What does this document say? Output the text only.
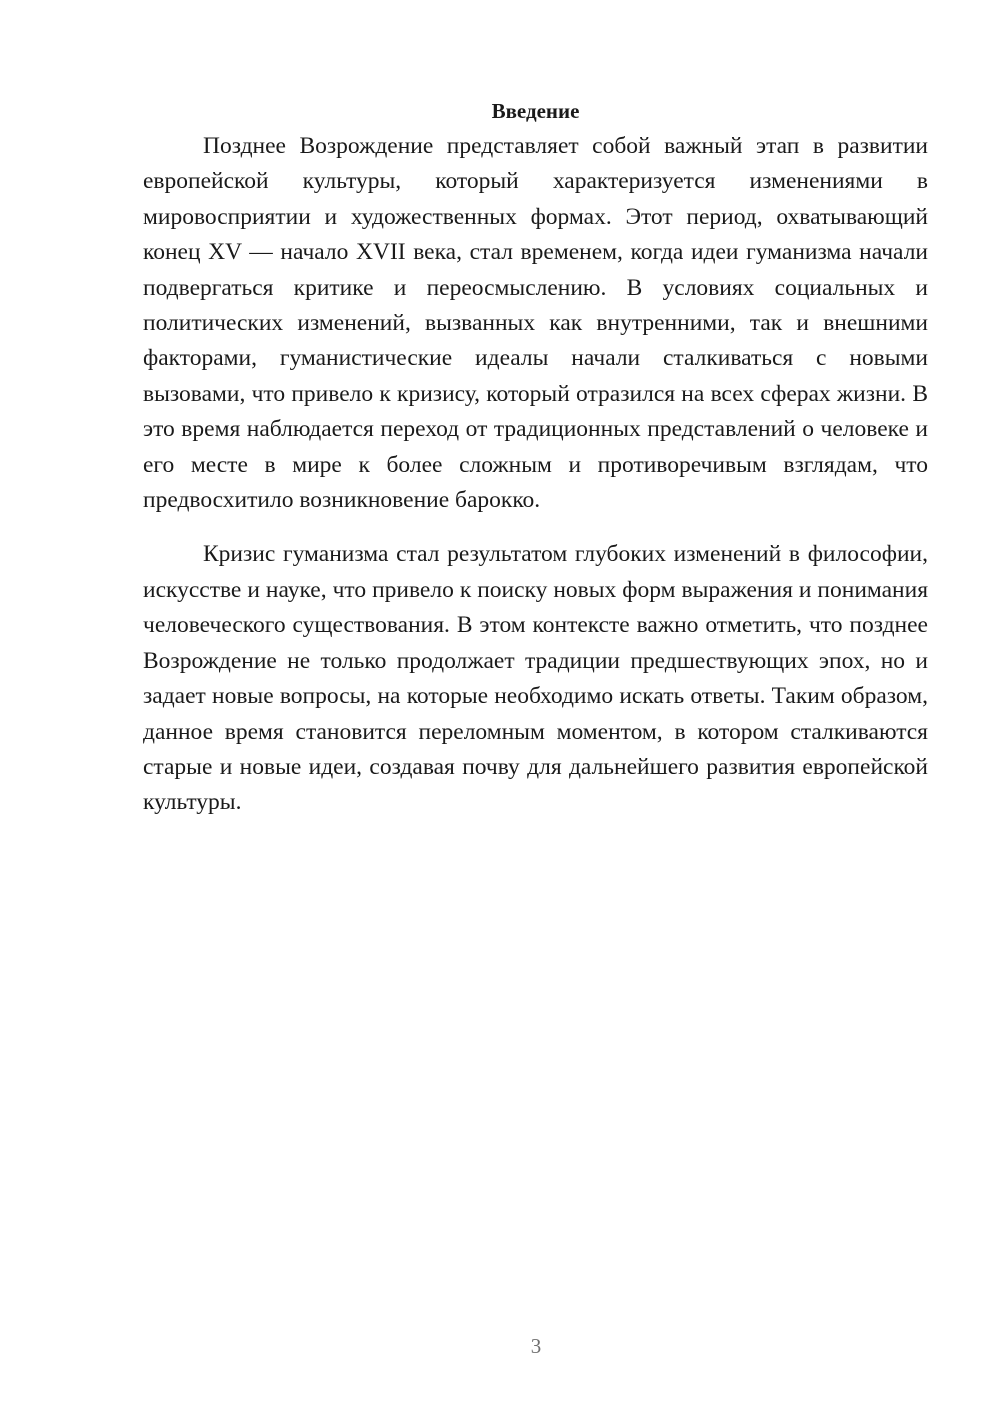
Введение

Позднее Возрождение представляет собой важный этап в развитии европейской культуры, который характеризуется изменениями в мировосприятии и художественных формах. Этот период, охватывающий конец XV — начало XVII века, стал временем, когда идеи гуманизма начали подвергаться критике и переосмыслению. В условиях социальных и политических изменений, вызванных как внутренними, так и внешними факторами, гуманистические идеалы начали сталкиваться с новыми вызовами, что привело к кризису, который отразился на всех сферах жизни. В это время наблюдается переход от традиционных представлений о человеке и его месте в мире к более сложным и противоречивым взглядам, что предвосхитило возникновение барокко.

Кризис гуманизма стал результатом глубоких изменений в философии, искусстве и науке, что привело к поиску новых форм выражения и понимания человеческого существования. В этом контексте важно отметить, что позднее Возрождение не только продолжает традиции предшествующих эпох, но и задает новые вопросы, на которые необходимо искать ответы. Таким образом, данное время становится переломным моментом, в котором сталкиваются старые и новые идеи, создавая почву для дальнейшего развития европейской культуры.

3
